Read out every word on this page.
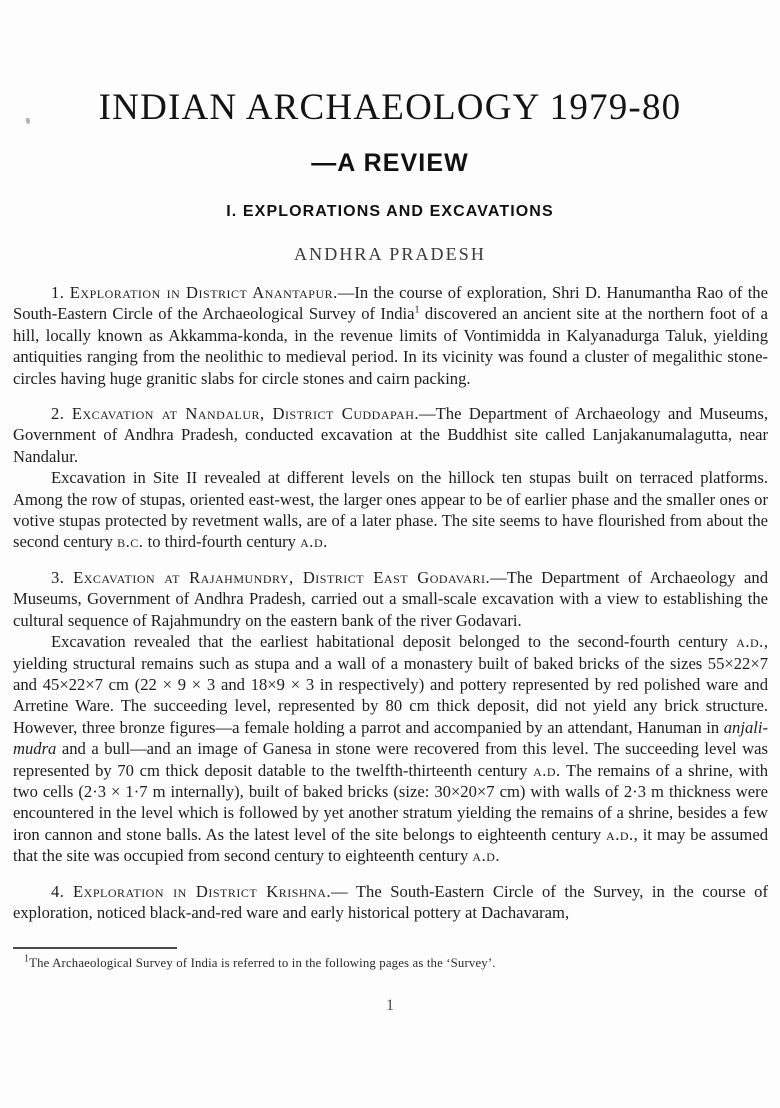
INDIAN ARCHAEOLOGY 1979-80
—A REVIEW
I. EXPLORATIONS AND EXCAVATIONS
ANDHRA PRADESH

1. Exploration in District Anantapur.—In the course of exploration, Shri D. Hanumantha Rao of the South-Eastern Circle of the Archaeological Survey of India$^1$ discovered an ancient site at the northern foot of a hill, locally known as Akkamma-konda, in the revenue limits of Vontimidda in Kalyanadurga Taluk, yielding antiquities ranging from the neolithic to medieval period. In its vicinity was found a cluster of megalithic stone-circles having huge granitic slabs for circle stones and cairn packing.

2. Excavation at Nandalur, District Cuddapah.—The Department of Archaeology and Museums, Government of Andhra Pradesh, conducted excavation at the Buddhist site called Lanjakanumalagutta, near Nandalur.

Excavation in Site II revealed at different levels on the hillock ten stupas built on terraced platforms. Among the row of stupas, oriented east-west, the larger ones appear to be of earlier phase and the smaller ones or votive stupas protected by revetment walls, are of a later phase. The site seems to have flourished from about the second century b.c. to third-fourth century a.d.

3. Excavation at Rajahmundry, District East Godavari.—The Department of Archaeology and Museums, Government of Andhra Pradesh, carried out a small-scale excavation with a view to establishing the cultural sequence of Rajahmundry on the eastern bank of the river Godavari.

Excavation revealed that the earliest habitational deposit belonged to the second-fourth century a.d., yielding structural remains such as stupa and a wall of a monastery built of baked bricks of the sizes 55×22×7 and 45×22×7 cm (22 × 9 × 3 and 18×9 × 3 in respectively) and pottery represented by red polished ware and Arretine Ware. The succeeding level, represented by 80 cm thick deposit, did not yield any brick structure. However, three bronze figures—a female holding a parrot and accompanied by an attendant, Hanuman in anjali-mudra and a bull—and an image of Ganesa in stone were recovered from this level. The succeeding level was represented by 70 cm thick deposit datable to the twelfth-thirteenth century a.d. The remains of a shrine, with two cells (2·3 × 1·7 m internally), built of baked bricks (size: 30×20×7 cm) with walls of 2·3 m thickness were encountered in the level which is followed by yet another stratum yielding the remains of a shrine, besides a few iron cannon and stone balls. As the latest level of the site belongs to eighteenth century a.d., it may be assumed that the site was occupied from second century to eighteenth century a.d.

4. Exploration in District Krishna.— The South-Eastern Circle of the Survey, in the course of exploration, noticed black-and-red ware and early historical pottery at Dachavaram,

$^1$The Archaeological Survey of India is referred to in the following pages as the ‘Survey’.
1
